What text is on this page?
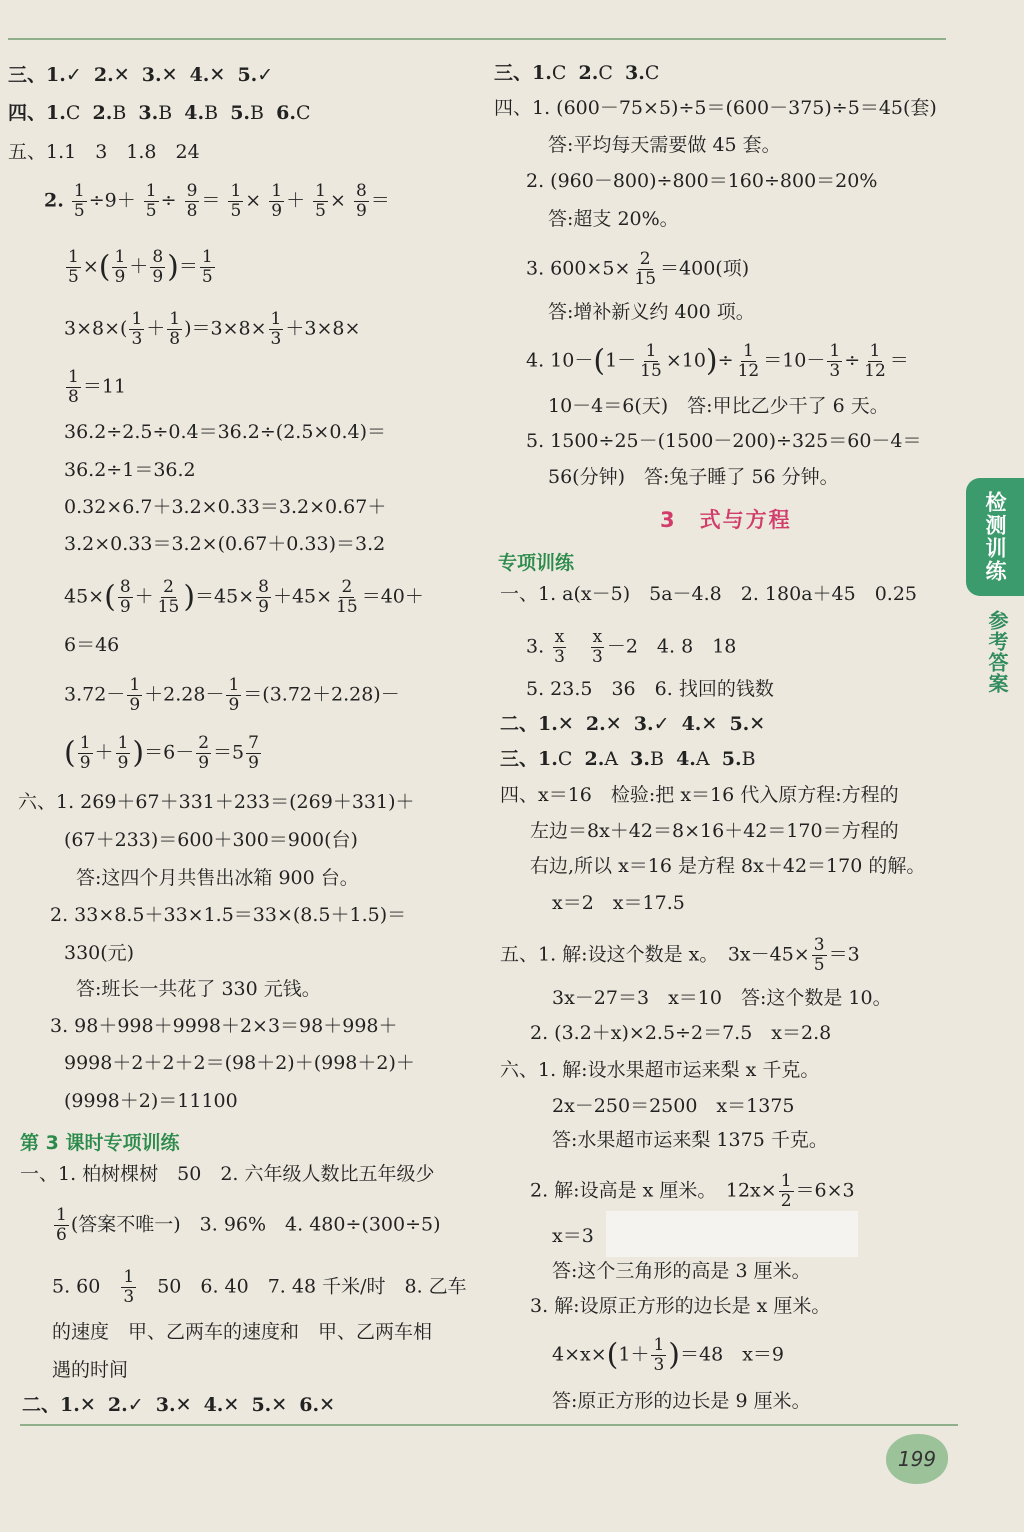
三、1.✓ 2.✕ 3.✕ 4.✕ 5.✓
四、1.C 2.B 3.B 4.B 5.B 6.C
五、1.1　3　1.8　24
2. $\frac{1}{5} \div 9+ \frac{1}{5} \div \frac{9}{8} = \frac{1}{5} \times \frac{1}{9} + \frac{1}{5} \times \frac{8}{9}$ ＝
$\frac{1}{5}$ ×( $\frac{1}{9} + \frac{8}{9}$ )＝ $\frac{1}{5}$
$3\times 8\times( \frac{1}{3} + \frac{1}{8} )=3\times 8\times \frac{1}{3} +3\times 8\times$
$\frac{1}{8} =11$
36.2÷2.5÷0.4＝36.2÷(2.5×0.4)＝
36.2÷1＝36.2
0.32×6.7＋3.2×0.33＝3.2×0.67＋
3.2×0.33＝3.2×(0.67＋0.33)＝3.2
$45\times( \frac{8}{9} + \frac{2}{15} )=45\times \frac{8}{9} +45\times \frac{2}{15} =40+$
6＝46
$3.72- \frac{1}{9} +2.28- \frac{1}{9} =(3.72+2.28)-$
( $\frac{1}{9} + \frac{1}{9} )=6- \frac{2}{9} =5 \frac{7}{9}$
六、1. 269＋67＋331＋233＝(269＋331)＋
(67＋233)＝600＋300＝900(台)
答:这四个月共售出冰箱 900 台。
2. 33×8.5＋33×1.5＝33×(8.5＋1.5)＝
330(元)
答:班长一共花了 330 元钱。
3. 98＋998＋9998＋2×3＝98＋998＋
9998＋2＋2＋2＝(98＋2)＋(998＋2)＋
(9998＋2)＝11100
第 3 课时专项训练
一、1. 柏树棵树　50　2. 六年级人数比五年级少
$\frac{1}{6}$ (答案不唯一)　3. 96%　4. 480÷(300÷5)
5. 60　 $\frac{1}{3}$ 　50　6. 40　7. 48 千米/时　8. 乙车
的速度　甲、乙两车的速度和　甲、乙两车相
遇的时间
二、1.✕ 2.✓ 3.✕ 4.✕ 5.✕ 6.✕
三、1.C 2.C 3.C
四、1. (600－75×5)÷5＝(600－375)÷5＝45(套)
答:平均每天需要做 45 套。
2. (960－800)÷800＝160÷800＝20%
答:超支 20%。
3. $600\times 5\times \frac{2}{15} =400$(项)
答:增补新义约 400 项。
4. $10-(1- \frac{1}{15} \times 10)\div \frac{1}{12} =10- \frac{1}{3} \div \frac{1}{12}$ ＝
10－4＝6(天)　答:甲比乙少干了 6 天。
5. 1500÷25－(1500－200)÷325＝60－4＝
56(分钟)　答:兔子睡了 56 分钟。
3　式与方程
专项训练
一、1. a(x－5)　5a－4.8　2. 180a＋45　0.25
3. $\frac{x}{3}$
　 $\frac{x}{3} -2$　4. 8　18
5. 23.5　36　6. 找回的钱数
二、1.✕ 2.✕ 3.✓ 4.✕ 5.✕
三、1.C 2.A 3.B 4.A 5.B
四、x＝16　检验:把 x＝16 代入原方程:方程的
左边＝8x＋42＝8×16＋42＝170＝方程的
右边,所以 x＝16 是方程 8x＋42＝170 的解。
x＝2　x＝17.5
五、1. 解:设这个数是 x。　$3x-45\times \frac{3}{5} =3$
3x－27＝3　x＝10　答:这个数是 10。
2. (3.2＋x)×2.5÷2＝7.5　x＝2.8
六、1. 解:设水果超市运来梨 x 千克。
2x－250＝2500　x＝1375
答:水果超市运来梨 1375 千克。
2. 解:设高是 x 厘米。　$12x\times \frac{1}{2} =6\times 3$
x＝3
答:这个三角形的高是 3 厘米。
3. 解:设原正方形的边长是 x 厘米。
$4\times x\times(1+ \frac{1}{3} )=48$　x＝9
答:原正方形的边长是 9 厘米。
检测训练
参考答案
199
